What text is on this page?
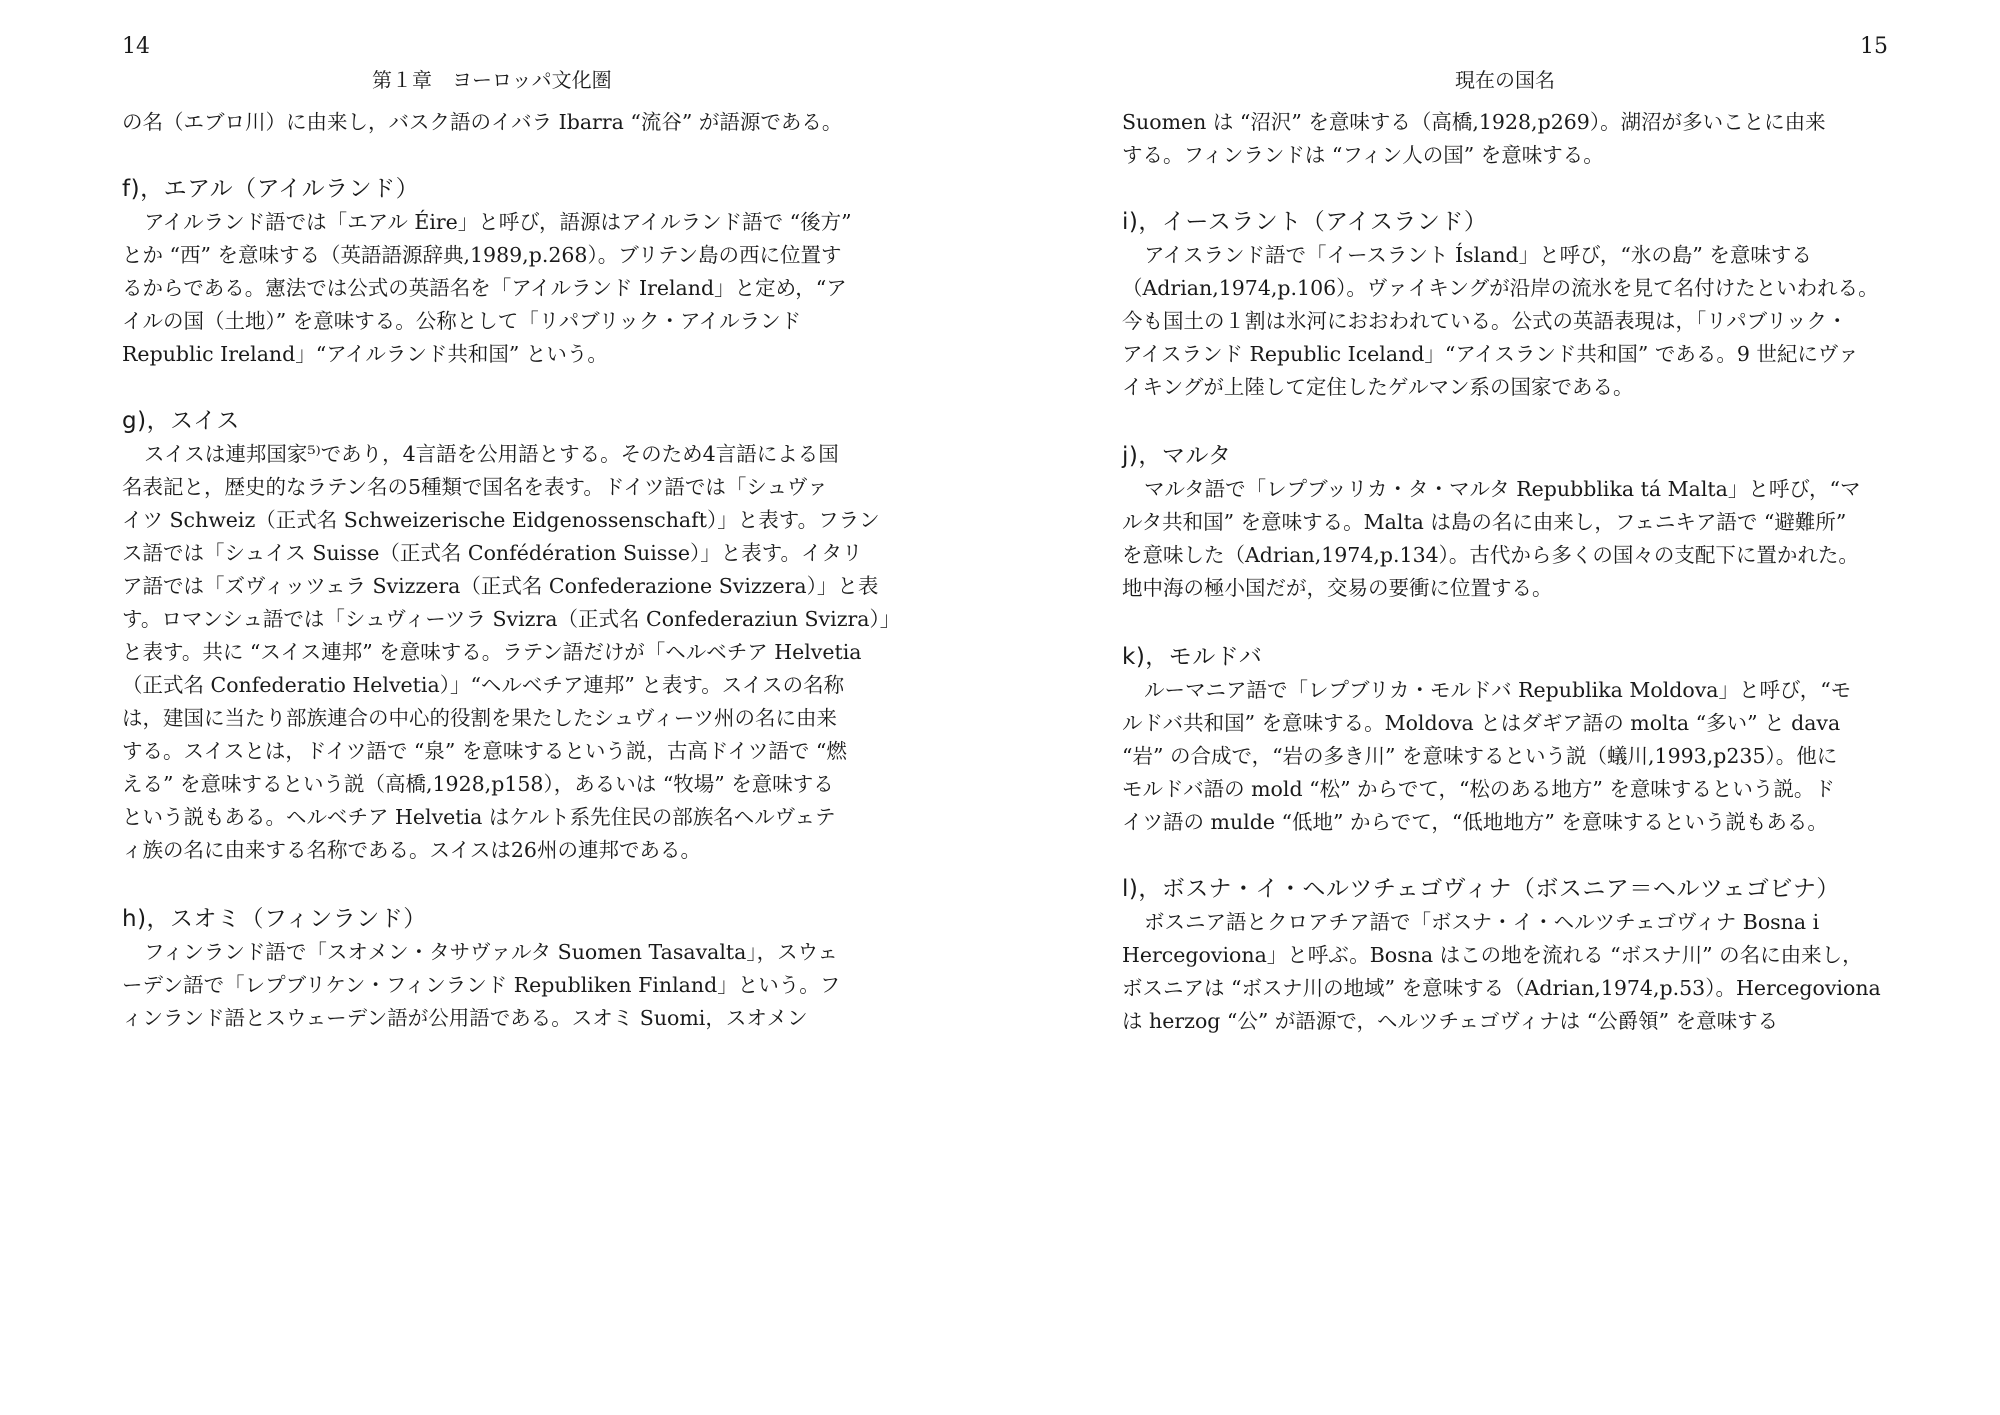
14
第１章　ヨーロッパ文化圏
の名（エブロ川）に由来し，バスク語のイバラ Ibarra “流谷” が語源である。
f)，エアル（アイルランド）
アイルランド語では「エアル Éire」と呼び，語源はアイルランド語で “後方”
とか “西” を意味する（英語語源辞典,1989,p.268）。ブリテン島の西に位置す
るからである。憲法では公式の英語名を「アイルランド Ireland」と定め，“ア
イルの国（土地）” を意味する。公称として「リパブリック・アイルランド
Republic Ireland」“アイルランド共和国” という。
g)，スイス
スイスは連邦国家⁵⁾であり，4言語を公用語とする。そのため4言語による国
名表記と，歴史的なラテン名の5種類で国名を表す。ドイツ語では「シュヴァ
イツ Schweiz（正式名 Schweizerische Eidgenossenschaft）」と表す。フラン
ス語では「シュイス Suisse（正式名 Confédération Suisse）」と表す。イタリ
ア語では「ズヴィッツェラ Svizzera（正式名 Confederazione Svizzera）」と表
す。ロマンシュ語では「シュヴィーツラ Svizra（正式名 Confederaziun Svizra）」
と表す。共に “スイス連邦” を意味する。ラテン語だけが「ヘルベチア Helvetia
（正式名 Confederatio Helvetia）」“ヘルベチア連邦” と表す。スイスの名称
は，建国に当たり部族連合の中心的役割を果たしたシュヴィーツ州の名に由来
する。スイスとは，ドイツ語で “泉” を意味するという説，古高ドイツ語で “燃
える” を意味するという説（高橋,1928,p158），あるいは “牧場” を意味する
という説もある。ヘルベチア Helvetia はケルト系先住民の部族名ヘルヴェテ
ィ族の名に由来する名称である。スイスは26州の連邦である。
h)，スオミ（フィンランド）
フィンランド語で「スオメン・タサヴァルタ Suomen Tasavalta」，スウェ
ーデン語で「レプブリケン・フィンランド Republiken Finland」という。フ
ィンランド語とスウェーデン語が公用語である。スオミ Suomi，スオメン
15
現在の国名
Suomen は “沼沢” を意味する（高橋,1928,p269）。湖沼が多いことに由来
する。フィンランドは “フィン人の国” を意味する。
i)，イースラント（アイスランド）
アイスランド語で「イースラント Ísland」と呼び，“氷の島” を意味する
（Adrian,1974,p.106）。ヴァイキングが沿岸の流氷を見て名付けたといわれる。
今も国土の１割は氷河におおわれている。公式の英語表現は，「リパブリック・
アイスランド Republic Iceland」“アイスランド共和国” である。9 世紀にヴァ
イキングが上陸して定住したゲルマン系の国家である。
j)，マルタ
マルタ語で「レプブッリカ・タ・マルタ Repubblika tá Malta」と呼び，“マ
ルタ共和国” を意味する。Malta は島の名に由来し，フェニキア語で “避難所”
を意味した（Adrian,1974,p.134）。古代から多くの国々の支配下に置かれた。
地中海の極小国だが，交易の要衝に位置する。
k)，モルドバ
ルーマニア語で「レプブリカ・モルドバ Republika Moldova」と呼び，“モ
ルドバ共和国” を意味する。Moldova とはダギア語の molta “多い” と dava
“岩” の合成で，“岩の多き川” を意味するという説（蟻川,1993,p235）。他に
モルドバ語の mold “松” からでて，“松のある地方” を意味するという説。ド
イツ語の mulde “低地” からでて，“低地地方” を意味するという説もある。
l)，ボスナ・イ・ヘルツチェゴヴィナ（ボスニア＝ヘルツェゴビナ）
ボスニア語とクロアチア語で「ボスナ・イ・ヘルツチェゴヴィナ Bosna i
Hercegoviona」と呼ぶ。Bosna はこの地を流れる “ボスナ川” の名に由来し，
ボスニアは “ボスナ川の地域” を意味する（Adrian,1974,p.53）。Hercegoviona
は herzog “公” が語源で，ヘルツチェゴヴィナは “公爵領” を意味する
